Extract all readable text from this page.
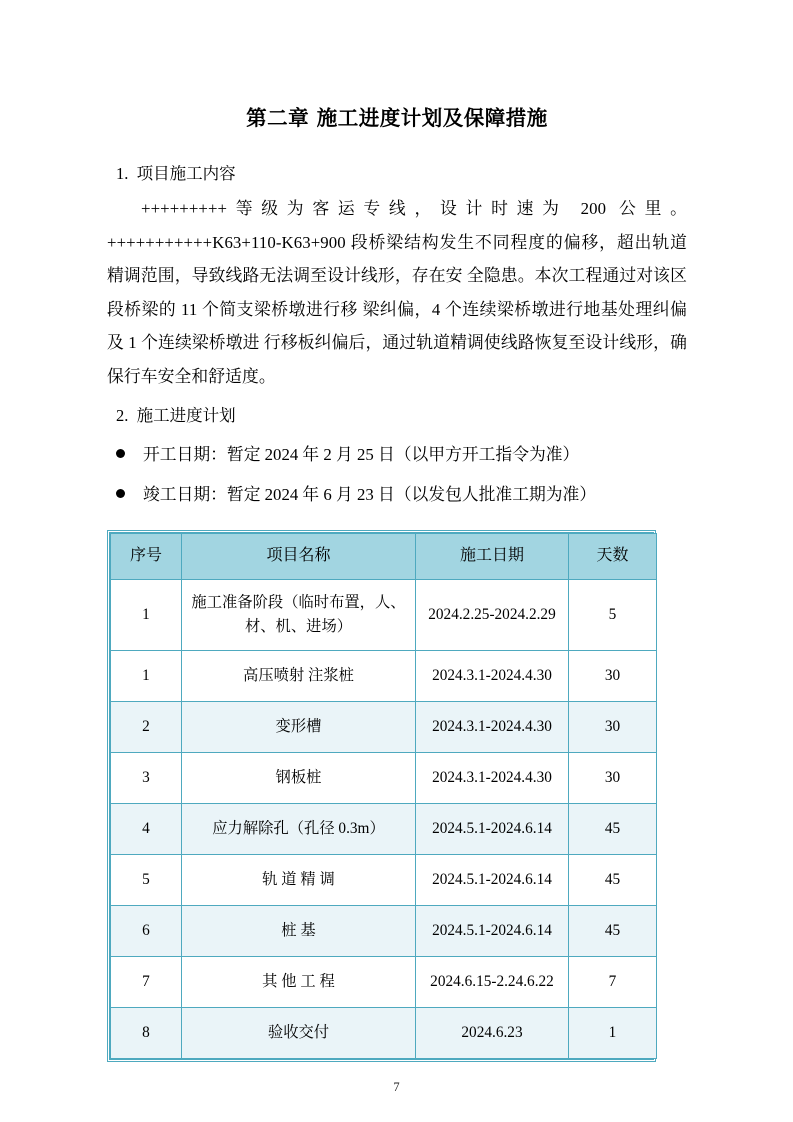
第二章 施工进度计划及保障措施

1.  项目施工内容

+++++++++等级为客运专线，设计时速为 200 公里。+++++++++++K63+110-K63+900 段桥梁结构发生不同程度的偏移，超出轨道精调范围，导致线路无法调至设计线形，存在安 全隐患。本次工程通过对该区段桥梁的 11 个简支梁桥墩进行移 梁纠偏，4 个连续梁桥墩进行地基处理纠偏及 1 个连续梁桥墩进 行移板纠偏后，通过轨道精调使线路恢复至设计线形，确保行车安全和舒适度。

2.  施工进度计划

开工日期：暂定 2024 年 2 月 25 日（以甲方开工指令为准）

竣工日期：暂定 2024 年 6 月 23 日（以发包人批准工期为准）

序号	项目名称	施工日期	天数
1	施工准备阶段（临时布置，人、材、机、进场）	2024.2.25-2024.2.29	5
1	高压喷射 注浆桩	2024.3.1-2024.4.30	30
2	变形槽	2024.3.1-2024.4.30	30
3	钢板桩	2024.3.1-2024.4.30	30
4	应力解除孔（孔径 0.3m）	2024.5.1-2024.6.14	45
5	轨 道 精 调	2024.5.1-2024.6.14	45
6	桩 基	2024.5.1-2024.6.14	45
7	其 他 工 程	2024.6.15-2.24.6.22	7
8	验收交付	2024.6.23	1
7
